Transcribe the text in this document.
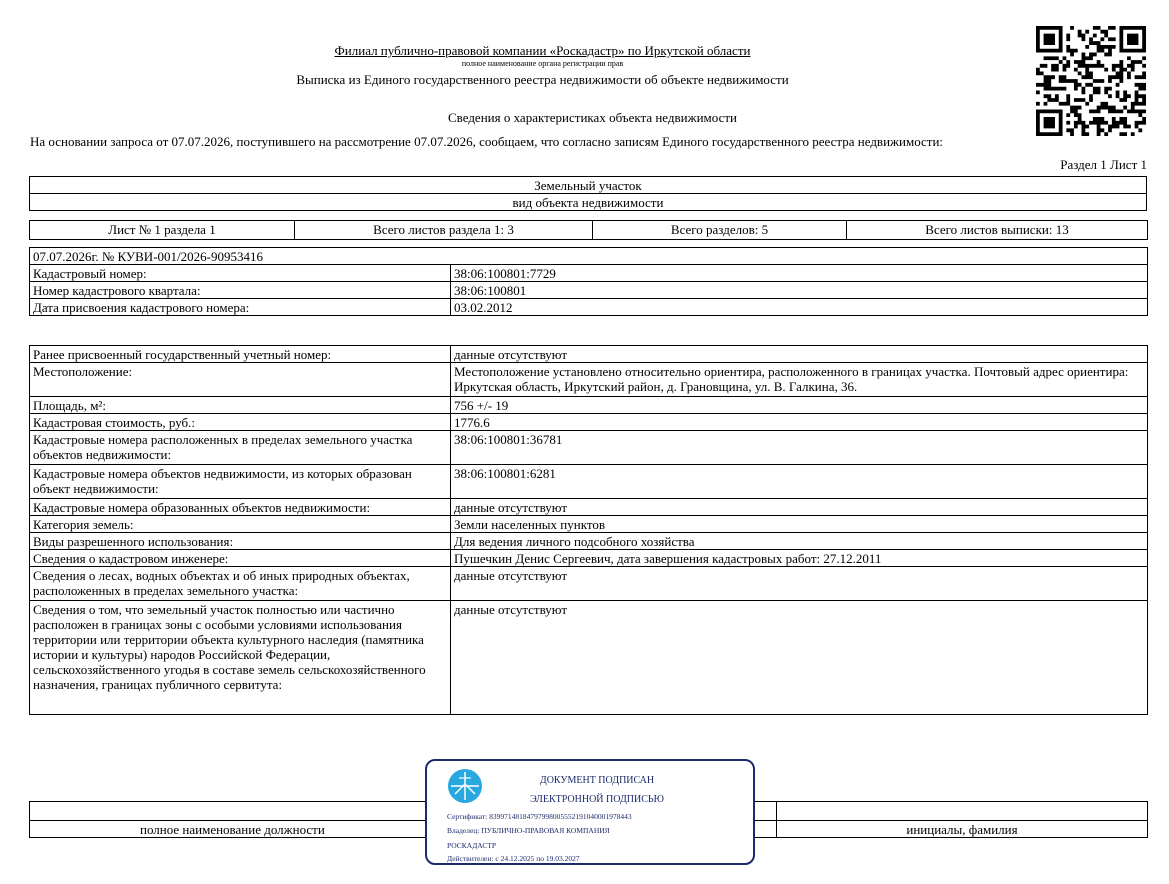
Филиал публично-правовой компании «Роскадастр» по Иркутской области
полное наименование органа регистрации прав
Выписка из Единого государственного реестра недвижимости об объекте недвижимости
Сведения о характеристиках объекта недвижимости
На основании запроса от 07.07.2026, поступившего на рассмотрение 07.07.2026, сообщаем, что согласно записям Единого государственного реестра недвижимости:
Раздел 1 Лист 1
Земельный участок
вид объекта недвижимости
Лист № 1 раздела 1	Всего листов раздела 1: 3	Всего разделов: 5	Всего листов выписки: 13
07.07.2026г. № КУВИ-001/2026-90953416	
Кадастровый номер:	38:06:100801:7729
Номер кадастрового квартала:	38:06:100801
Дата присвоения кадастрового номера:	03.02.2012
Ранее присвоенный государственный учетный номер:	данные отсутствуют
Местоположение:	Местоположение установлено относительно ориентира, расположенного в границах участка. Почтовый адрес ориентира: Иркутская область, Иркутский район, д. Грановщина, ул. В. Галкина, 36.
Площадь, м²:	756 +/- 19
Кадастровая стоимость, руб.:	1776.6
Кадастровые номера расположенных в пределах земельного участка объектов недвижимости:	38:06:100801:36781
Кадастровые номера объектов недвижимости, из которых образован объект недвижимости:	38:06:100801:6281
Кадастровые номера образованных объектов недвижимости:	данные отсутствуют
Категория земель:	Земли населенных пунктов
Виды разрешенного использования:	Для ведения личного подсобного хозяйства
Сведения о кадастровом инженере:	Пушечкин Денис Сергеевич, дата завершения кадастровых работ: 27.12.2011
Сведения о лесах, водных объектах и об иных природных объектах, расположенных в пределах земельного участка:	данные отсутствуют
Сведения о том, что земельный участок полностью или частично расположен в границах зоны с особыми условиями использования территории или территории объекта культурного наследия (памятника истории и культуры) народов Российской Федерации, сельскохозяйственного угодья в составе земель сельскохозяйственного назначения, границах публичного сервитута:	данные отсутствуют

полное наименование должности	инициалы, фамилия
ДОКУМЕНТ ПОДПИСАН
ЭЛЕКТРОННОЙ ПОДПИСЬЮ
Сертификат: 83997148184797998005552191040001978443
Владелец: ПУБЛИЧНО-ПРАВОВАЯ КОМПАНИЯ
РОСКАДАСТР
Действителен: с 24.12.2025 по 19.03.2027
